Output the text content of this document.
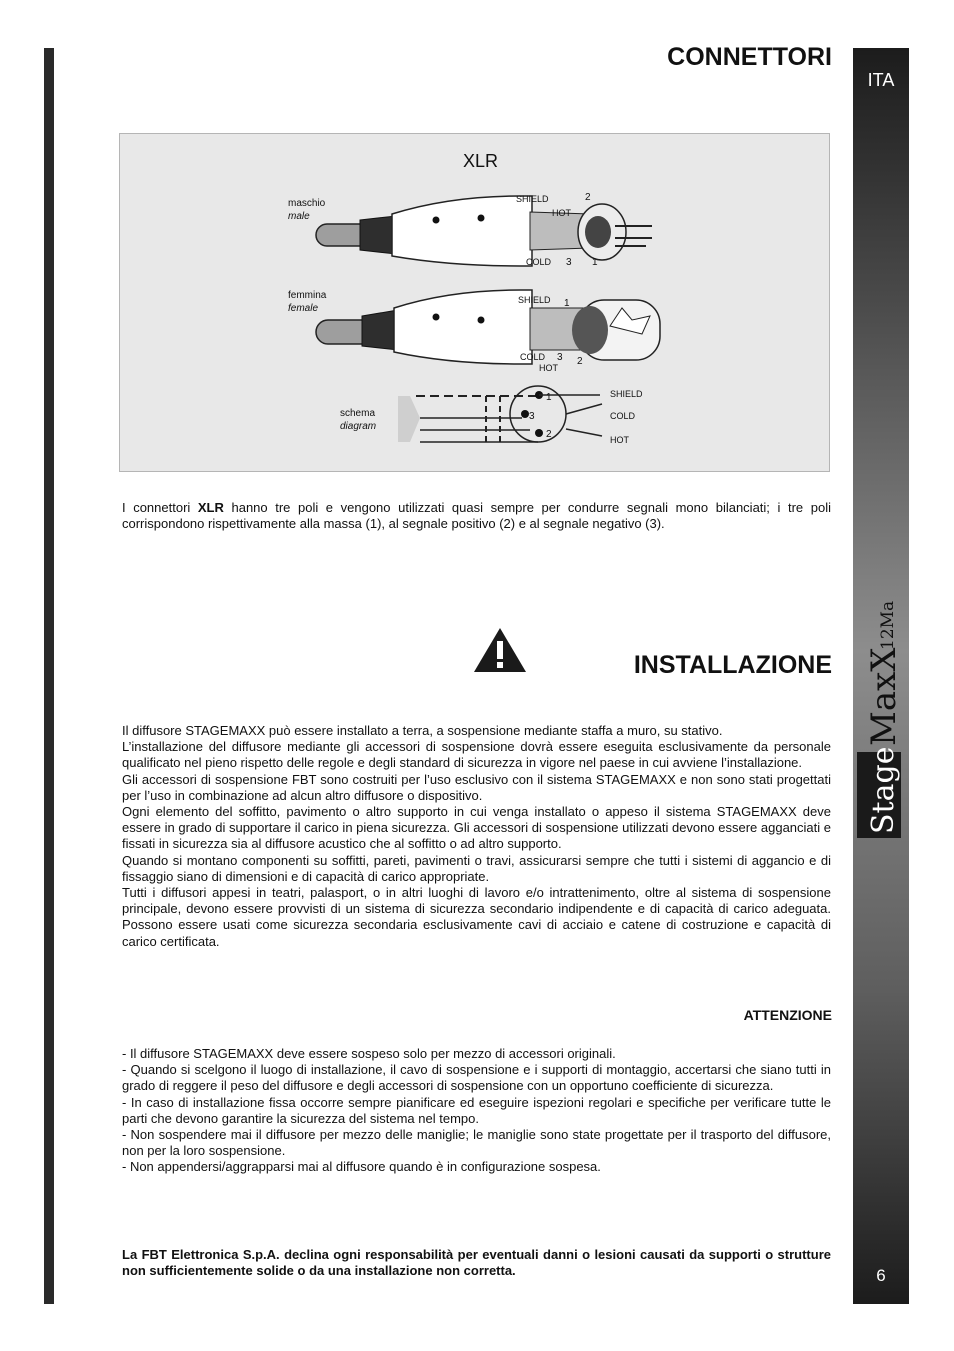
ITA
Stage
MaxX
12Ma
6
CONNETTORI
XLR
maschio
male
SHIELD
HOT
2
COLD 3 1
femmina
female
SHIELD 1
COLD 3 2
HOT
schema
diagram
1
3
2
SHIELD
COLD
HOT

I connettori XLR hanno tre poli e vengono utilizzati quasi sempre per condurre segnali mono bilanciati; i tre poli corrispondono rispettivamente alla massa (1), al segnale positivo (2) e al segnale negativo (3).

INSTALLAZIONE

Il diffusore STAGEMAXX può essere installato a terra, a sospensione mediante staffa a muro, su stativo.

L’installazione del diffusore mediante gli accessori di sospensione dovrà essere eseguita esclusivamente da personale qualificato nel pieno rispetto delle regole e degli standard di sicurezza in vigore nel paese in cui avviene l’installazione.

Gli accessori di sospensione FBT sono costruiti per l’uso esclusivo con il sistema STAGEMAXX e non sono stati progettati per l’uso in combinazione ad alcun altro diffusore o dispositivo.

Ogni elemento del soffitto, pavimento o altro supporto in cui venga installato o appeso il sistema STAGEMAXX deve essere in grado di supportare il carico in piena sicurezza. Gli accessori di sospensione utilizzati devono essere agganciati e fissati in sicurezza sia al diffusore acustico che al soffitto o ad altro supporto.

Quando si montano componenti su soffitti, pareti, pavimenti o travi, assicurarsi sempre che tutti i sistemi di aggancio e di fissaggio siano di dimensioni e di capacità di carico appropriate.

Tutti i diffusori appesi in teatri, palasport, o in altri luoghi di lavoro e/o intrattenimento, oltre al sistema di sospensione principale, devono essere provvisti di un sistema di sicurezza secondario indipendente e di capacità di carico adeguata. Possono essere usati come sicurezza secondaria esclusivamente cavi di acciaio e catene di costruzione e capacità di carico certificata.

ATTENZIONE

- Il diffusore STAGEMAXX deve essere sospeso solo per mezzo di accessori originali.

- Quando si scelgono il luogo di installazione, il cavo di sospensione e i supporti di montaggio, accertarsi che siano tutti in grado di reggere il peso del diffusore e degli accessori di sospensione con un opportuno coefficiente di sicurezza.

- In caso di installazione fissa occorre sempre pianificare ed eseguire ispezioni regolari e specifiche per verificare tutte le parti che devono garantire la sicurezza del sistema nel tempo.

- Non sospendere mai il diffusore per mezzo delle maniglie; le maniglie sono state progettate per il trasporto del diffusore, non per la loro sospensione.

- Non appendersi/aggrapparsi mai al diffusore quando è in configurazione sospesa.

La FBT Elettronica S.p.A. declina ogni responsabilità per eventuali danni o lesioni causati da supporti o strutture non sufficientemente solide o da una installazione non corretta.
